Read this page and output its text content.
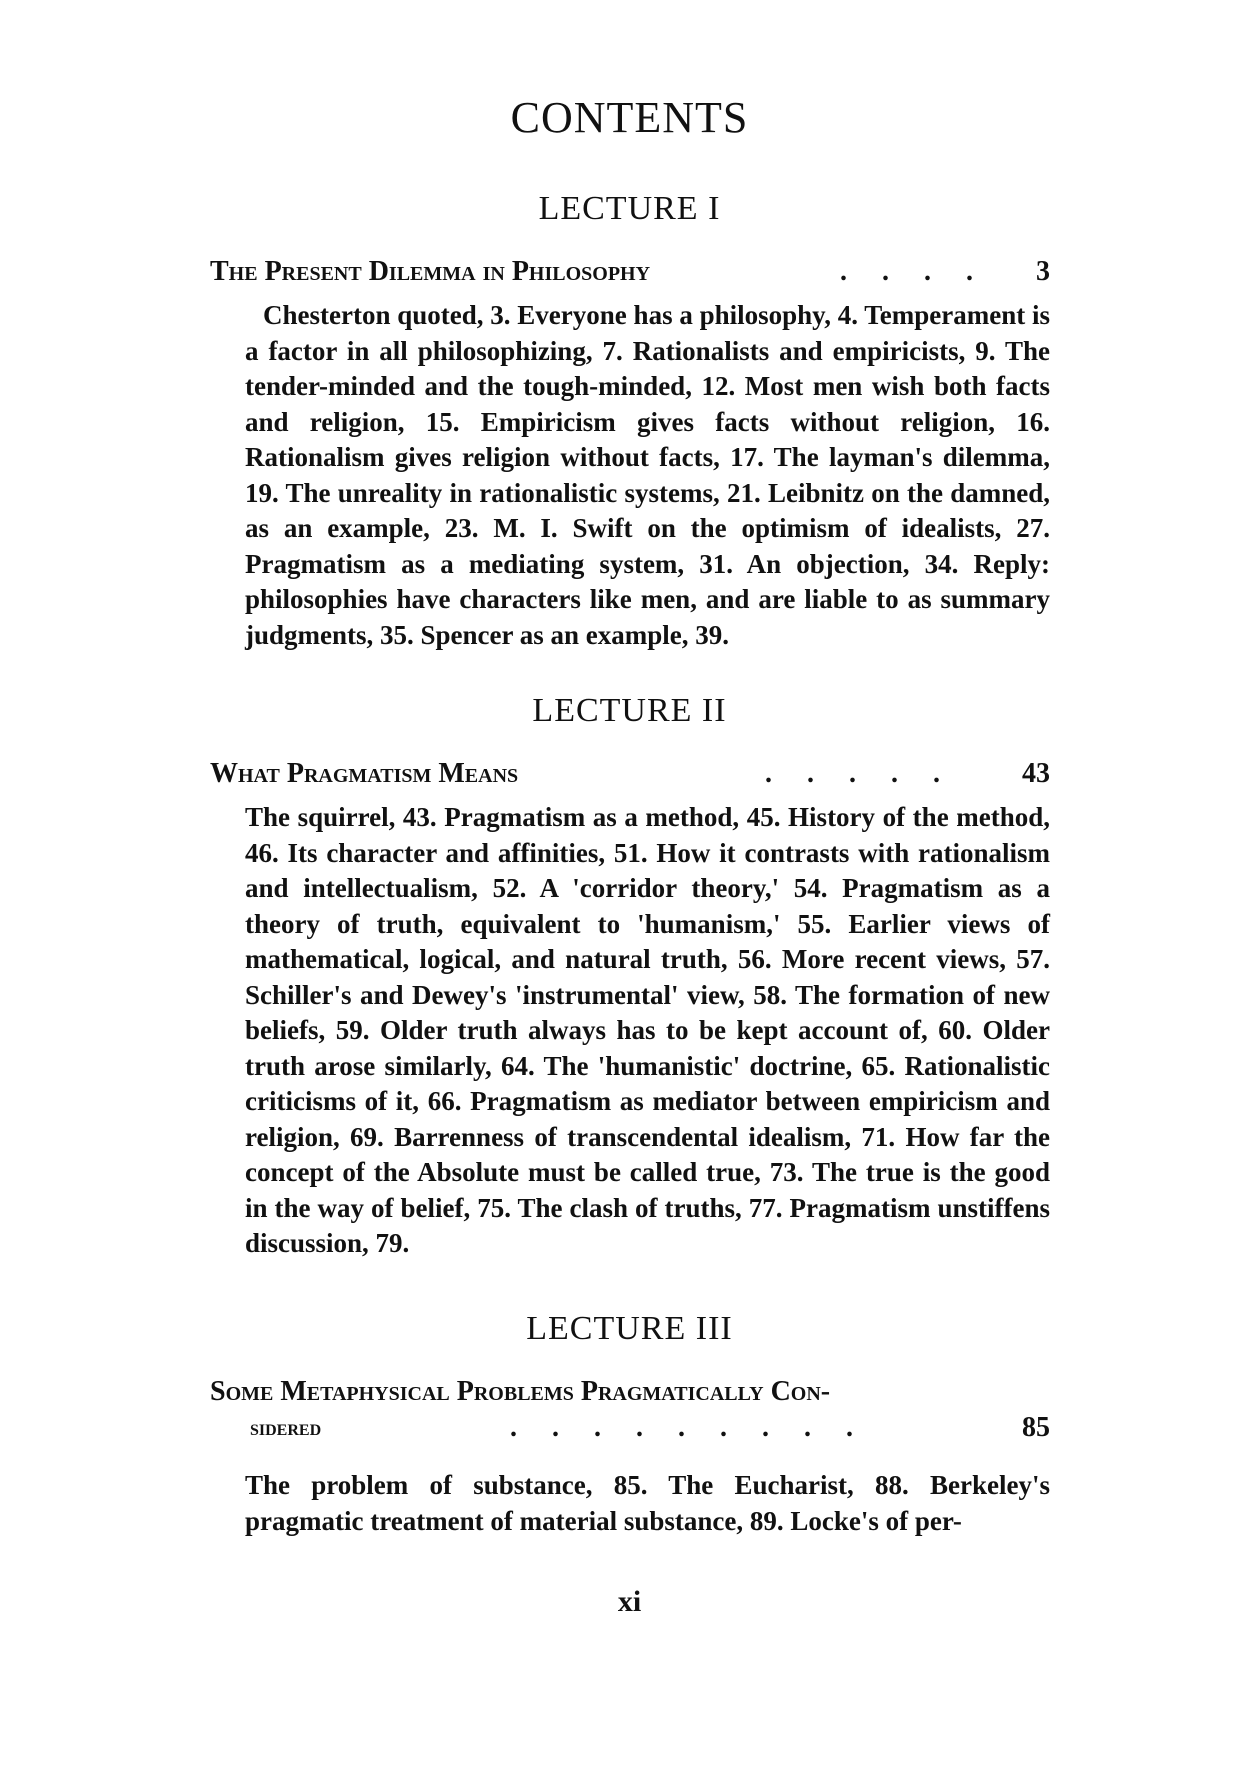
CONTENTS
LECTURE I
The Present Dilemma in Philosophy	. . . . 3

Chesterton quoted, 3. Everyone has a philosophy, 4. Temperament is a factor in all philosophizing, 7. Rationalists and empiricists, 9. The tender-minded and the tough-minded, 12. Most men wish both facts and religion, 15. Empiricism gives facts without religion, 16. Rationalism gives religion without facts, 17. The layman's dilemma, 19. The unreality in rationalistic systems, 21. Leibnitz on the damned, as an example, 23. M. I. Swift on the optimism of idealists, 27. Pragmatism as a mediating system, 31. An objection, 34. Reply: philosophies have characters like men, and are liable to as summary judgments, 35. Spencer as an example, 39.

LECTURE II
What Pragmatism Means	. . . . . 43

The squirrel, 43. Pragmatism as a method, 45. History of the method, 46. Its character and affinities, 51. How it contrasts with rationalism and intellectualism, 52. A 'corridor theory,' 54. Pragmatism as a theory of truth, equivalent to 'humanism,' 55. Earlier views of mathematical, logical, and natural truth, 56. More recent views, 57. Schiller's and Dewey's 'instrumental' view, 58. The formation of new beliefs, 59. Older truth always has to be kept account of, 60. Older truth arose similarly, 64. The 'humanistic' doctrine, 65. Rationalistic criticisms of it, 66. Pragmatism as mediator between empiricism and religion, 69. Barrenness of transcendental idealism, 71. How far the concept of the Absolute must be called true, 73. The true is the good in the way of belief, 75. The clash of truths, 77. Pragmatism unstiffens discussion, 79.

LECTURE III
Some Metaphysical Problems Pragmatically Con-
sidered	. . . . . . . . .	85

The problem of substance, 85. The Eucharist, 88. Berkeley's pragmatic treatment of material substance, 89. Locke's of per-

xi
